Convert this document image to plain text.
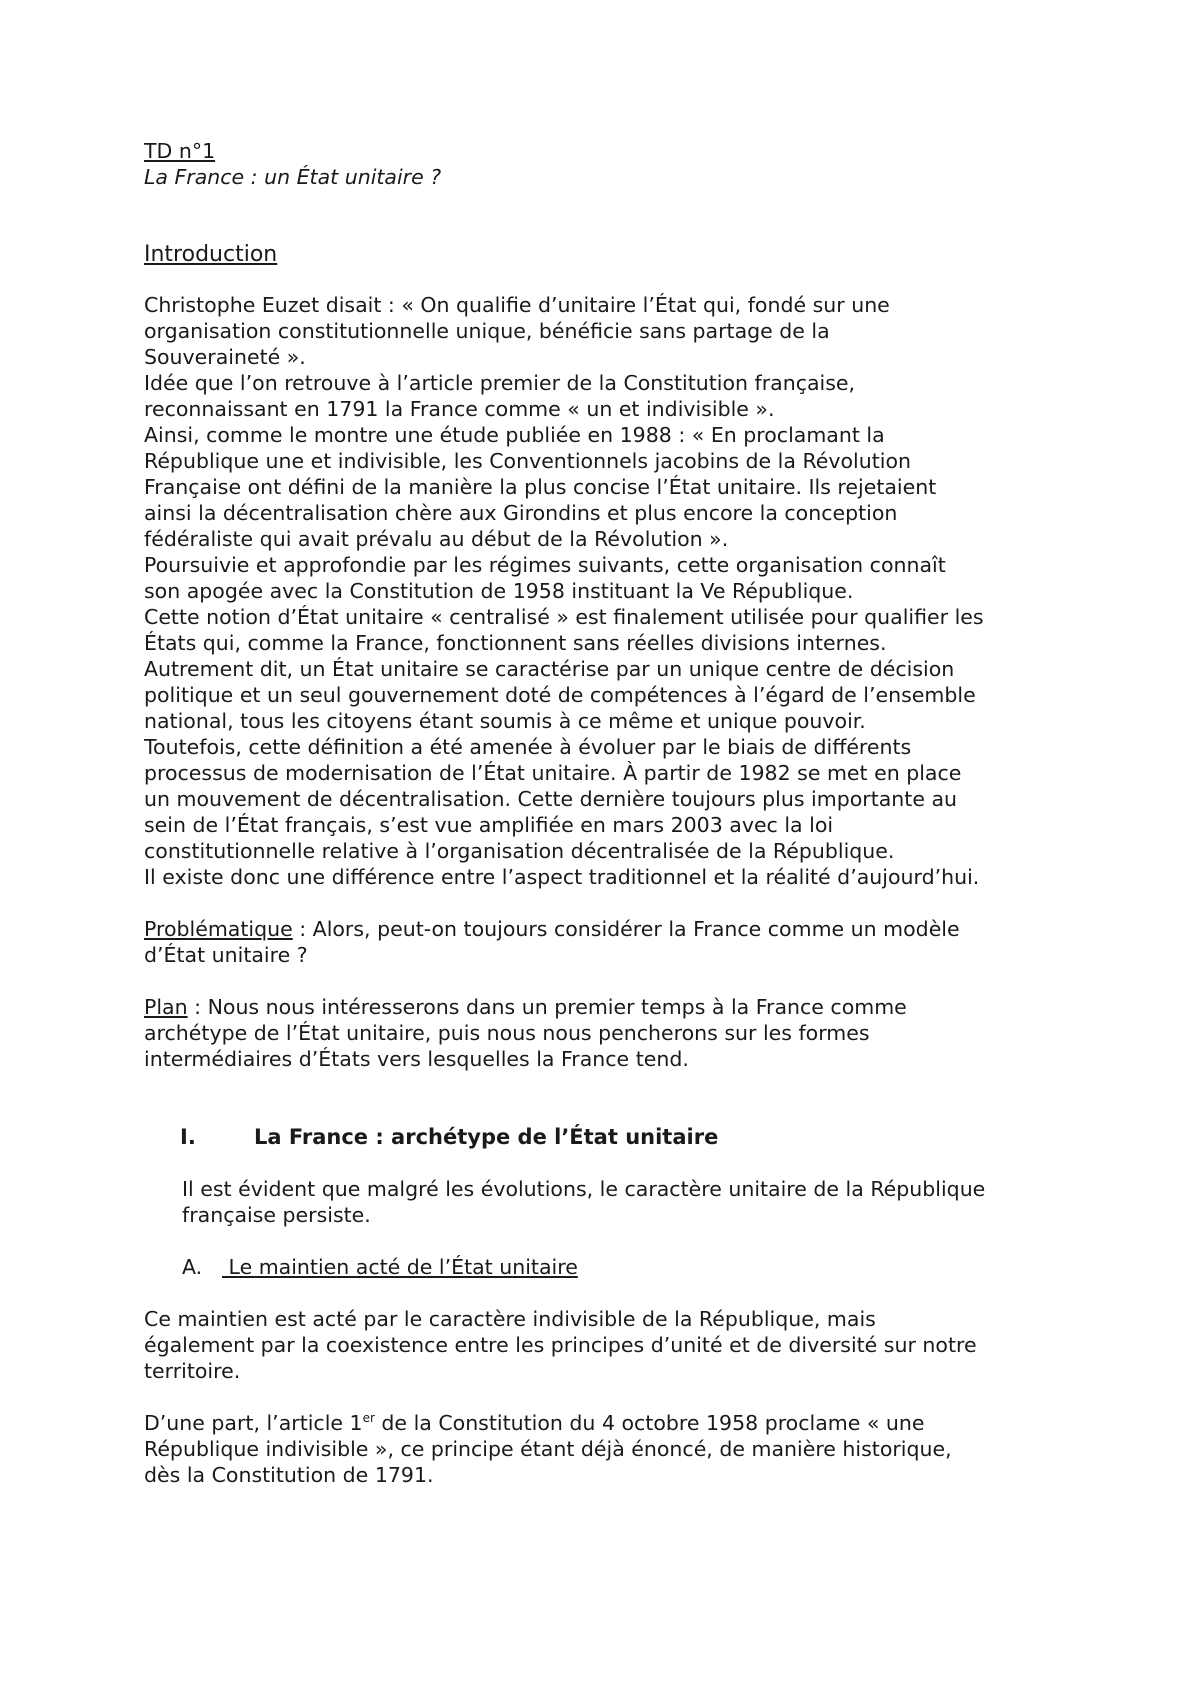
TD n°1
La France : un État unitaire ?
Introduction
Christophe Euzet disait : « On qualifie d’unitaire l’État qui, fondé sur une
organisation constitutionnelle unique, bénéficie sans partage de la
Souveraineté ».
Idée que l’on retrouve à l’article premier de la Constitution française,
reconnaissant en 1791 la France comme « un et indivisible ».
Ainsi, comme le montre une étude publiée en 1988 : « En proclamant la
République une et indivisible, les Conventionnels jacobins de la Révolution
Française ont défini de la manière la plus concise l’État unitaire. Ils rejetaient
ainsi la décentralisation chère aux Girondins et plus encore la conception
fédéraliste qui avait prévalu au début de la Révolution ».
Poursuivie et approfondie par les régimes suivants, cette organisation connaît
son apogée avec la Constitution de 1958 instituant la Ve République.
Cette notion d’État unitaire « centralisé » est finalement utilisée pour qualifier les
États qui, comme la France, fonctionnent sans réelles divisions internes.
Autrement dit, un État unitaire se caractérise par un unique centre de décision
politique et un seul gouvernement doté de compétences à l’égard de l’ensemble
national, tous les citoyens étant soumis à ce même et unique pouvoir.
Toutefois, cette définition a été amenée à évoluer par le biais de différents
processus de modernisation de l’État unitaire. À partir de 1982 se met en place
un mouvement de décentralisation. Cette dernière toujours plus importante au
sein de l’État français, s’est vue amplifiée en mars 2003 avec la loi
constitutionnelle relative à l’organisation décentralisée de la République.
Il existe donc une différence entre l’aspect traditionnel et la réalité d’aujourd’hui.
Problématique : Alors, peut-on toujours considérer la France comme un modèle
d’État unitaire ?
Plan : Nous nous intéresserons dans un premier temps à la France comme
archétype de l’État unitaire, puis nous nous pencherons sur les formes
intermédiaires d’États vers lesquelles la France tend.
I.	La France : archétype de l’État unitaire
Il est évident que malgré les évolutions, le caractère unitaire de la République
française persiste.
A. Le maintien acté de l’État unitaire
Ce maintien est acté par le caractère indivisible de la République, mais
également par la coexistence entre les principes d’unité et de diversité sur notre
territoire.
D’une part, l’article 1er de la Constitution du 4 octobre 1958 proclame « une
République indivisible », ce principe étant déjà énoncé, de manière historique,
dès la Constitution de 1791.
